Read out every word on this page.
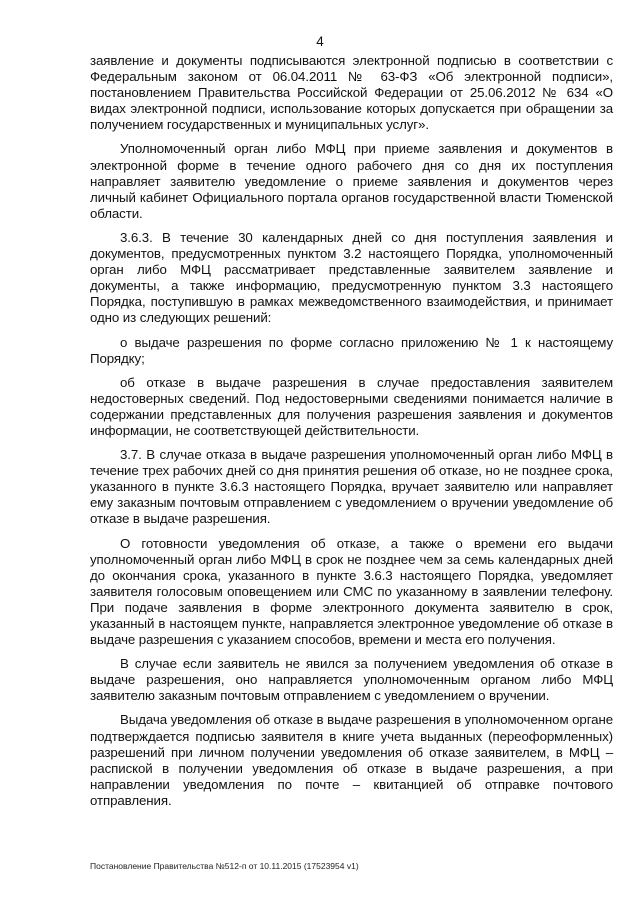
4

заявление и документы подписываются электронной подписью в соответствии с Федеральным законом от 06.04.2011 № 63-ФЗ «Об электронной подписи», постановлением Правительства Российской Федерации от 25.06.2012 № 634 «О видах электронной подписи, использование которых допускается при обращении за получением государственных и муниципальных услуг».

Уполномоченный орган либо МФЦ при приеме заявления и документов в электронной форме в течение одного рабочего дня со дня их поступления направляет заявителю уведомление о приеме заявления и документов через личный кабинет Официального портала органов государственной власти Тюменской области.

3.6.3. В течение 30 календарных дней со дня поступления заявления и документов, предусмотренных пунктом 3.2 настоящего Порядка, уполномоченный орган либо МФЦ рассматривает представленные заявителем заявление и документы, а также информацию, предусмотренную пунктом 3.3 настоящего Порядка, поступившую в рамках межведомственного взаимодействия, и принимает одно из следующих решений:

о выдаче разрешения по форме согласно приложению № 1 к настоящему Порядку;

об отказе в выдаче разрешения в случае предоставления заявителем недостоверных сведений. Под недостоверными сведениями понимается наличие в содержании представленных для получения разрешения заявления и документов информации, не соответствующей действительности.

3.7. В случае отказа в выдаче разрешения уполномоченный орган либо МФЦ в течение трех рабочих дней со дня принятия решения об отказе, но не позднее срока, указанного в пункте 3.6.3 настоящего Порядка, вручает заявителю или направляет ему заказным почтовым отправлением с уведомлением о вручении уведомление об отказе в выдаче разрешения.

О готовности уведомления об отказе, а также о времени его выдачи уполномоченный орган либо МФЦ в срок не позднее чем за семь календарных дней до окончания срока, указанного в пункте 3.6.3 настоящего Порядка, уведомляет заявителя голосовым оповещением или СМС по указанному в заявлении телефону. При подаче заявления в форме электронного документа заявителю в срок, указанный в настоящем пункте, направляется электронное уведомление об отказе в выдаче разрешения с указанием способов, времени и места его получения.

В случае если заявитель не явился за получением уведомления об отказе в выдаче разрешения, оно направляется уполномоченным органом либо МФЦ заявителю заказным почтовым отправлением с уведомлением о вручении.

Выдача уведомления об отказе в выдаче разрешения в уполномоченном органе подтверждается подписью заявителя в книге учета выданных (переоформленных) разрешений при личном получении уведомления об отказе заявителем, в МФЦ – распиской в получении уведомления об отказе в выдаче разрешения, а при направлении уведомления по почте – квитанцией об отправке почтового отправления.

Постановление Правительства №512-п от 10.11.2015 (17523954 v1)
